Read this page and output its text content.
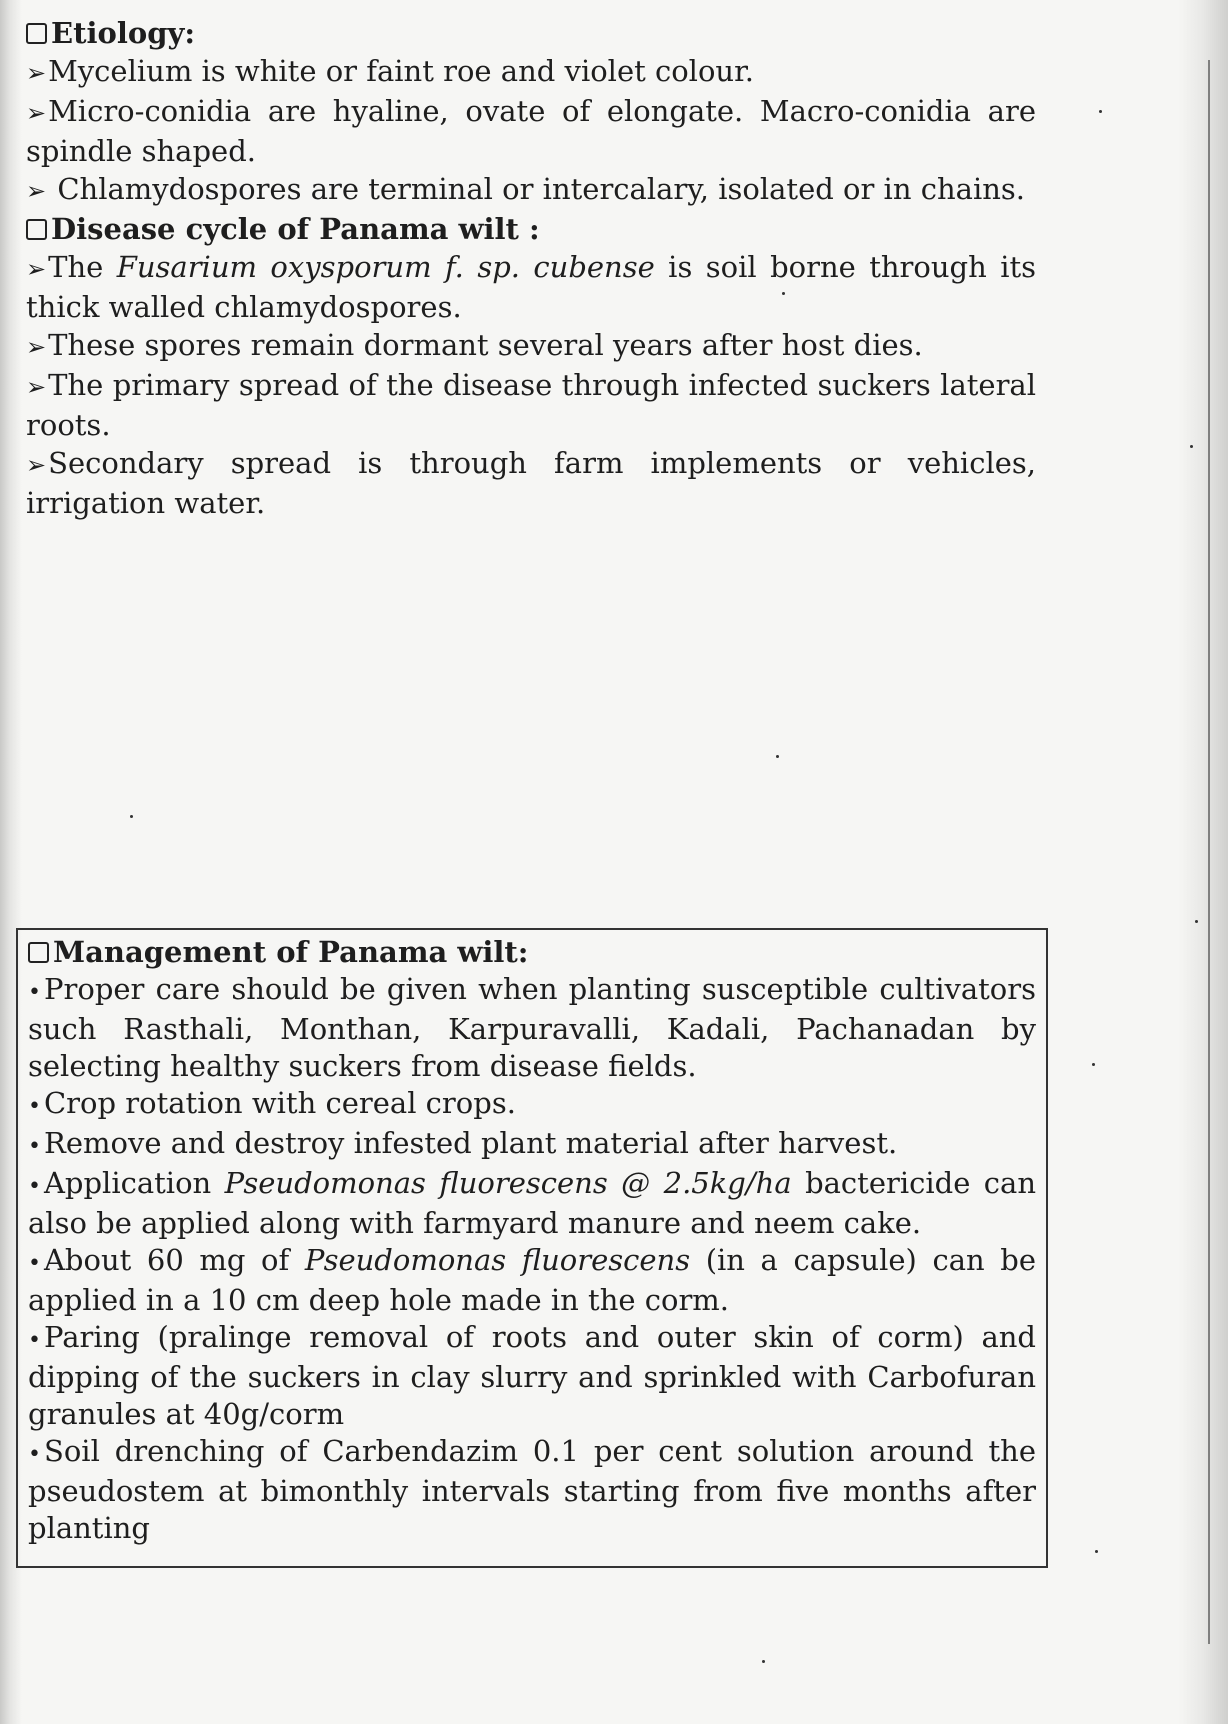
Etiology:

➢Mycelium is white or faint roe and violet colour.

➢Micro-conidia are hyaline, ovate of elongate. Macro-conidia are spindle shaped.

➢ Chlamydospores are terminal or intercalary, isolated or in chains.

Disease cycle of Panama wilt :

➢The Fusarium oxysporum f. sp. cubense is soil borne through its thick walled chlamydospores.

➢These spores remain dormant several years after host dies.

➢The primary spread of the disease through infected suckers lateral roots.

➢Secondary spread is through farm implements or vehicles, irrigation water.

Management of Panama wilt:

• Proper care should be given when planting susceptible cultivators such Rasthali, Monthan, Karpuravalli, Kadali, Pachanadan by selecting healthy suckers from disease fields.

• Crop rotation with cereal crops.

• Remove and destroy infested plant material after harvest.

• Application Pseudomonas fluorescens @ 2.5kg/ha bactericide can also be applied along with farmyard manure and neem cake.

• About 60 mg of Pseudomonas fluorescens (in a capsule) can be applied in a 10 cm deep hole made in the corm.

• Paring (pralinge removal of roots and outer skin of corm) and dipping of the suckers in clay slurry and sprinkled with Carbofuran granules at 40g/corm

• Soil drenching of Carbendazim 0.1 per cent solution around the pseudostem at bimonthly intervals starting from five months after planting
